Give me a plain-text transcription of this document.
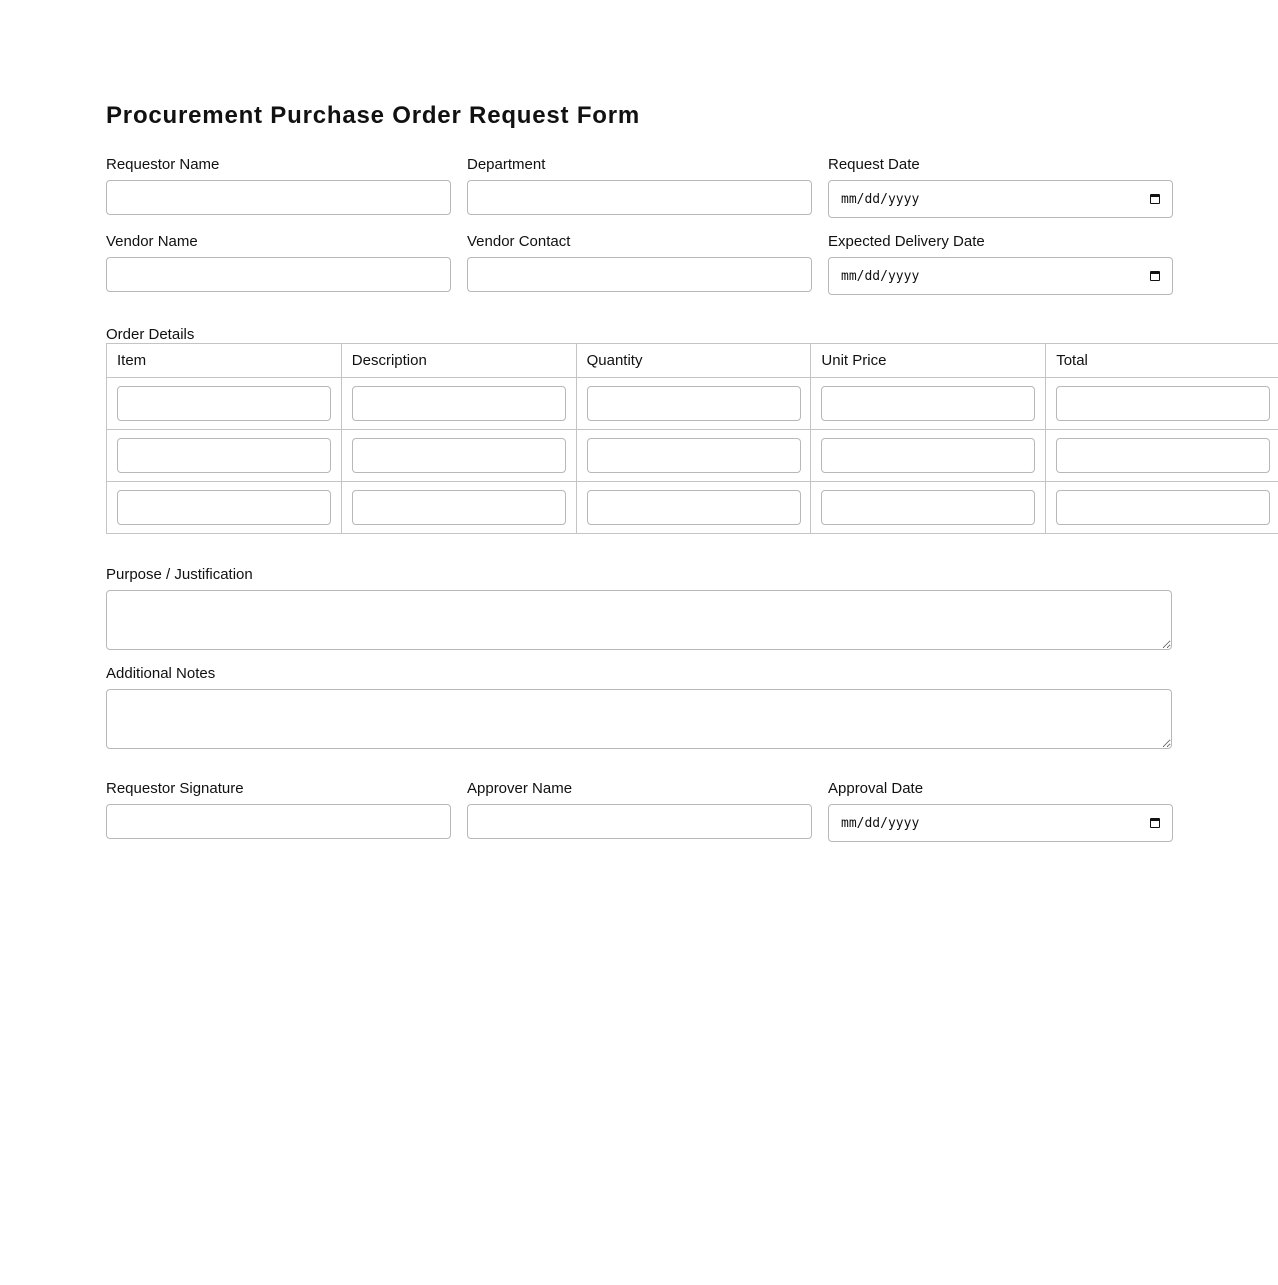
Procurement Purchase Order Request Form
Requestor Name	Department	Request Date
mm/dd/yyyy
Vendor Name	Vendor Contact	Expected Delivery Date
mm/dd/yyyy
Order Details
Item	Description	Quantity	Unit Price	Total

Purpose / Justification
Additional Notes
Requestor Signature	Approver Name	Approval Date
mm/dd/yyyy
